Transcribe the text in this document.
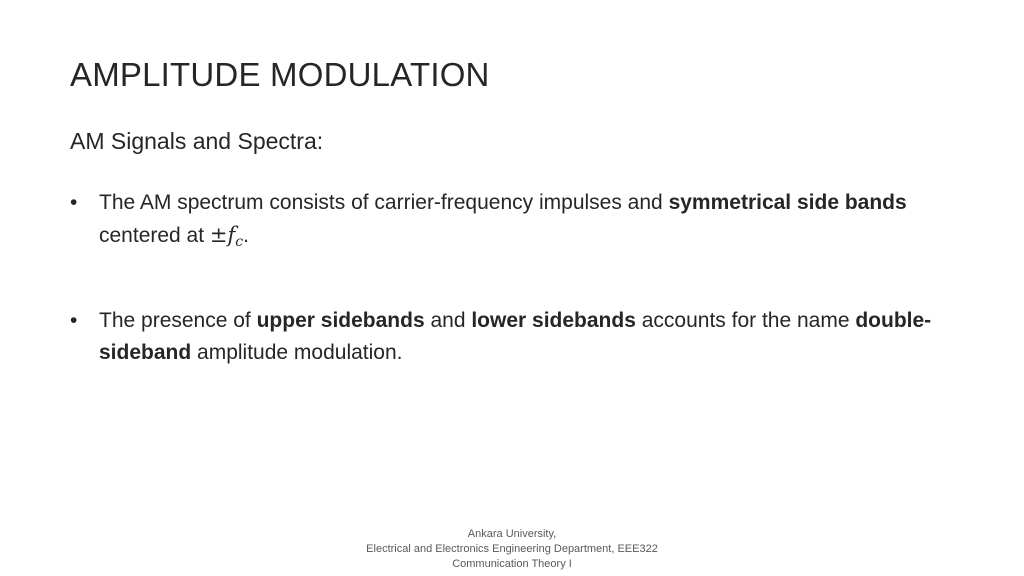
AMPLITUDE MODULATION
AM Signals and Spectra:
• The AM spectrum consists of carrier-frequency impulses and symmetrical side bands centered at $\pm f_c$.
• The presence of upper sidebands and lower sidebands accounts for the name double-sideband amplitude modulation.
Ankara University,
Electrical and Electronics Engineering Department, EEE322
Communication Theory I
